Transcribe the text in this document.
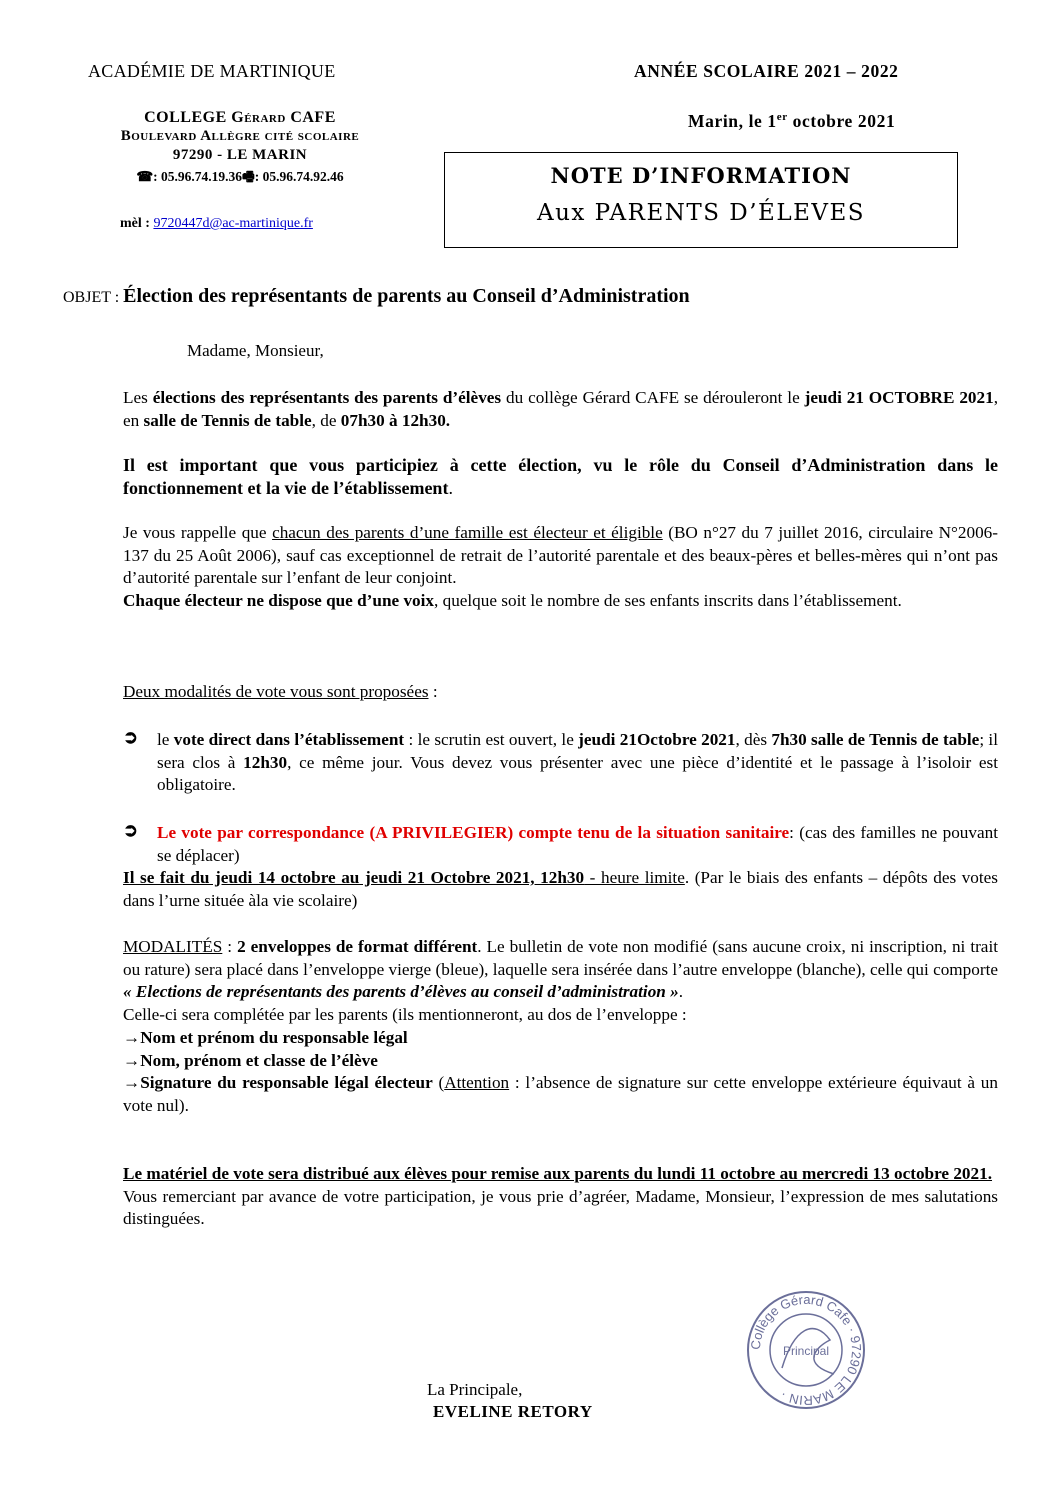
ACADÉMIE DE MARTINIQUE
COLLEGE Gérard CAFE
Boulevard Allègre cité scolaire
97290 - LE MARIN
☎: 05.96.74.19.36🖷: 05.96.74.92.46
mèl : 9720447d@ac-martinique.fr
ANNÉE SCOLAIRE 2021 – 2022
Marin, le 1er octobre 2021
NOTE D’INFORMATION
Aux PARENTS D’ÉLEVES
OBJET : Élection des représentants de parents au Conseil d’Administration
Madame, Monsieur,

Les élections des représentants des parents d’élèves du collège Gérard CAFE se dérouleront le jeudi 21 OCTOBRE 2021, en salle de Tennis de table, de 07h30 à 12h30.

Il est important que vous participiez à cette élection, vu le rôle du Conseil d’Administration dans le fonctionnement et la vie de l’établissement.

Je vous rappelle que chacun des parents d’une famille est électeur et éligible (BO n°27 du 7 juillet 2016, circulaire N°2006-137 du 25 Août 2006), sauf cas exceptionnel de retrait de l’autorité parentale et des beaux-pères et belles-mères qui n’ont pas d’autorité parentale sur l’enfant de leur conjoint.

Chaque électeur ne dispose que d’une voix, quelque soit le nombre de ses enfants inscrits dans l’établissement.

Deux modalités de vote vous sont proposées :
➲ le vote direct dans l’établissement : le scrutin est ouvert, le jeudi 21Octobre 2021, dès 7h30 salle de Tennis de table; il sera clos à 12h30, ce même jour. Vous devez vous présenter avec une pièce d’identité et le passage à l’isoloir est obligatoire.

➲ Le vote par correspondance (A PRIVILEGIER) compte tenu de la situation sanitaire: (cas des familles ne pouvant se déplacer)

Il se fait du jeudi 14 octobre au jeudi 21 Octobre 2021, 12h30 - heure limite. (Par le biais des enfants – dépôts des votes dans l’urne située àla vie scolaire)

MODALITÉS : 2 enveloppes de format différent. Le bulletin de vote non modifié (sans aucune croix, ni inscription, ni trait ou rature) sera placé dans l’enveloppe vierge (bleue), laquelle sera insérée dans l’autre enveloppe (blanche), celle qui comporte « Elections de représentants des parents d’élèves au conseil d’administration ».

Celle-ci sera complétée par les parents (ils mentionneront, au dos de l’enveloppe :

→Nom et prénom du responsable légal

→Nom, prénom et classe de l’élève

→Signature du responsable légal électeur (Attention : l’absence de signature sur cette enveloppe extérieure équivaut à un vote nul).

Le matériel de vote sera distribué aux élèves pour remise aux parents du lundi 11 octobre au mercredi 13 octobre 2021.

Vous remerciant par avance de votre participation, je vous prie d’agréer, Madame, Monsieur, l’expression de mes salutations distinguées.

Collège Gérard Cafe · 97290 LE MARIN ·
Principal
La Principale,
EVELINE RETORY
